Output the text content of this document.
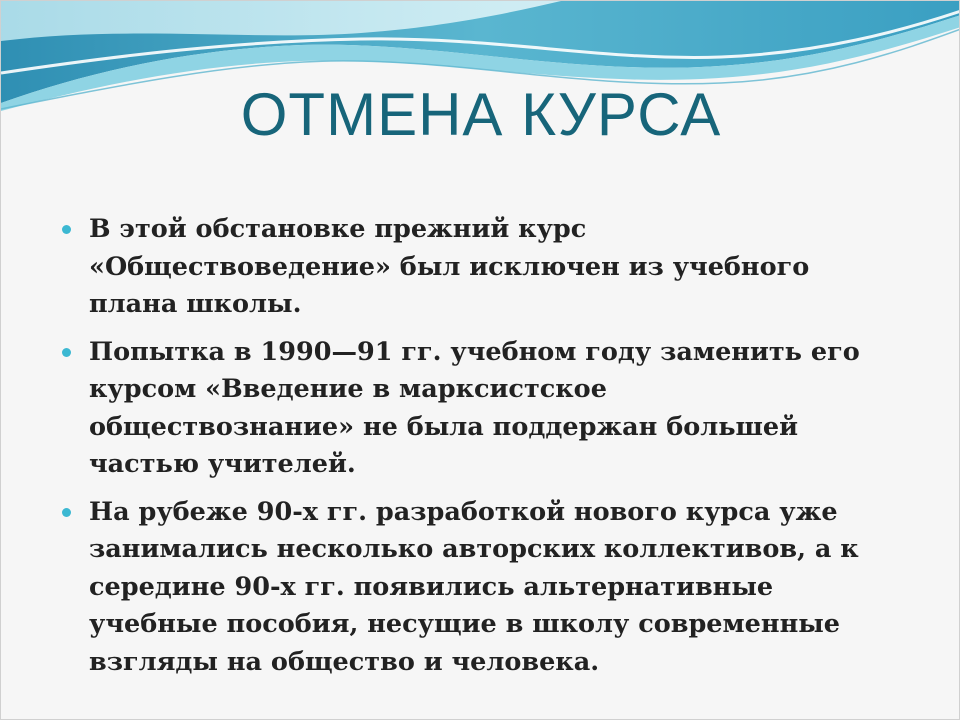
ОТМЕНА КУРСА
В этой обстановке прежний курс «Обществоведение» был исключен из учебного плана школы.
Попытка в 1990—91 гг. учебном году заменить его курсом «Введение в марксистское обществознание» не была поддержан большей частью учителей.
На рубеже 90-х гг. разработкой нового курса уже занимались несколько авторских коллективов, а к середине 90-х гг. появились альтернативные учебные пособия, несущие в школу современные взгляды на общество и человека.
